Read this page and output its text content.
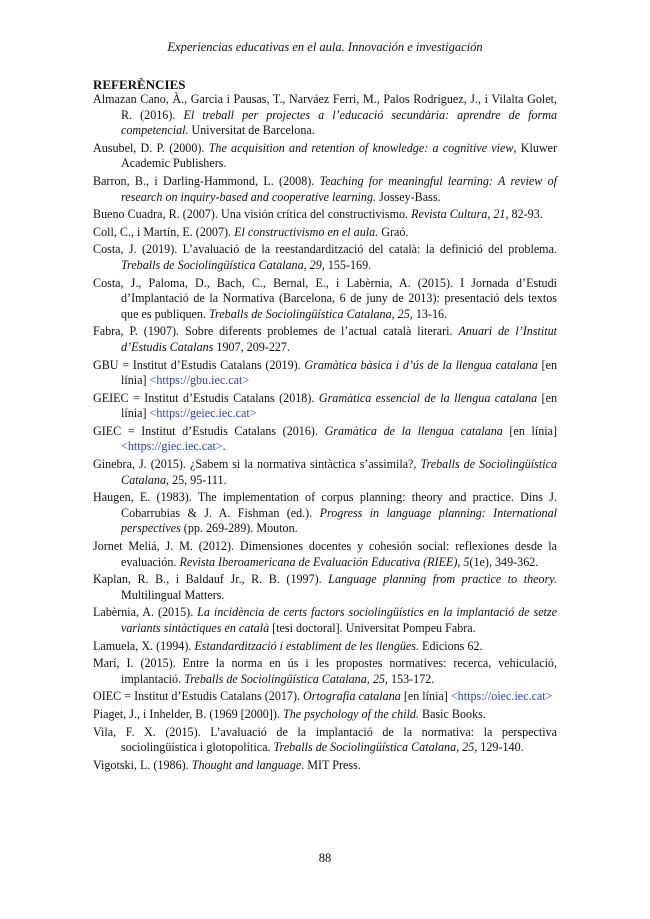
Experiencias educativas en el aula. Innovación e investigación
REFERÈNCIES

Almazan Cano, À., Garcia i Pausas, T., Narváez Ferri, M., Palos Rodríguez, J., i Vilalta Golet, R. (2016). El treball per projectes a l’educació secundària: aprendre de forma competencial. Universitat de Barcelona.

Ausubel, D. P. (2000). The acquisition and retention of knowledge: a cognitive view, Kluwer Academic Publishers.

Barron, B., i Darling-Hammond, L. (2008). Teaching for meaningful learning: A review of research on inquiry-based and cooperative learning. Jossey-Bass.

Bueno Cuadra, R. (2007). Una visión crítica del constructivismo. Revista Cultura, 21, 82-93.

Coll, C., i Martín, E. (2007). El constructivismo en el aula. Graó.

Costa, J. (2019). L’avaluació de la reestandardització del català: la definició del problema. Treballs de Sociolingüística Catalana, 29, 155-169.

Costa, J., Paloma, D., Bach, C., Bernal, E., i Labèrnia, A. (2015). I Jornada d’Estudi d’Implantació de la Normativa (Barcelona, 6 de juny de 2013): presentació dels textos que es publiquen. Treballs de Sociolingüística Catalana, 25, 13-16.

Fabra, P. (1907). Sobre diferents problemes de l’actual català literari. Anuari de l’Institut d’Estudis Catalans 1907, 209-227.

GBU = Institut d’Estudis Catalans (2019). Gramàtica bàsica i d’ús de la llengua catalana [en línia] <https://gbu.iec.cat>

GEIEC = Institut d’Estudis Catalans (2018). Gramàtica essencial de la llengua catalana [en línia] <https://geiec.iec.cat>

GIEC = Institut d’Estudis Catalans (2016). Gramàtica de la llengua catalana [en línia] <https://giec.iec.cat>.

Ginebra, J. (2015). ¿Sabem si la normativa sintàctica s’assimila?, Treballs de Sociolingüística Catalana, 25, 95-111.

Haugen, E. (1983). The implementation of corpus planning: theory and practice. Dins J. Cobarrubias & J. A. Fishman (ed.). Progress in language planning: International perspectives (pp. 269-289). Mouton.

Jornet Meliá, J. M. (2012). Dimensiones docentes y cohesión social: reflexiones desde la evaluación. Revista Iberoamericana de Evaluación Educativa (RIEE), 5(1e), 349-362.

Kaplan, R. B., i Baldauf Jr., R. B. (1997). Language planning from practice to theory. Multilingual Matters.

Labèrnia, A. (2015). La incidència de certs factors sociolingüístics en la implantació de setze variants sintàctiques en català [tesi doctoral]. Universitat Pompeu Fabra.

Lamuela, X. (1994). Estandardització i establiment de les llengües. Edicions 62.

Marí, I. (2015). Entre la norma en ús i les propostes normatives: recerca, vehiculació, implantació. Treballs de Sociolingüística Catalana, 25, 153-172.

OIEC = Institut d’Estudis Catalans (2017). Ortografia catalana [en línia] <https://oiec.iec.cat>

Piaget, J., i Inhelder, B. (1969 [2000]). The psychology of the child. Basic Books.

Vila, F. X. (2015). L’avaluació de la implantació de la normativa: la perspectiva sociolingüística i glotopolítica. Treballs de Sociolingüística Catalana, 25, 129-140.

Vigotski, L. (1986). Thought and language. MIT Press.

88
